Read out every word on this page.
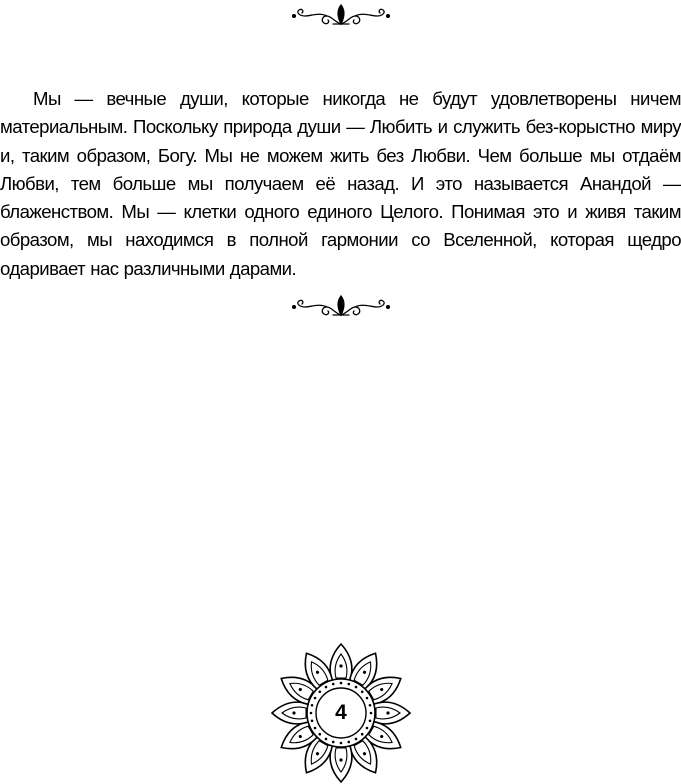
Мы — вечные души, которые никогда не будут удовлетворены ничем материальным. Поскольку природа души — Любить и служить без-корыстно миру и, таким образом, Богу. Мы не можем жить без Любви. Чем больше мы отдаём Любви, тем больше мы получаем её назад. И это называется Анандой — блаженством. Мы — клетки одного единого Целого. Понимая это и живя таким образом, мы находимся в полной гармонии со Вселенной, которая щедро одаривает нас различными дарами.

4
